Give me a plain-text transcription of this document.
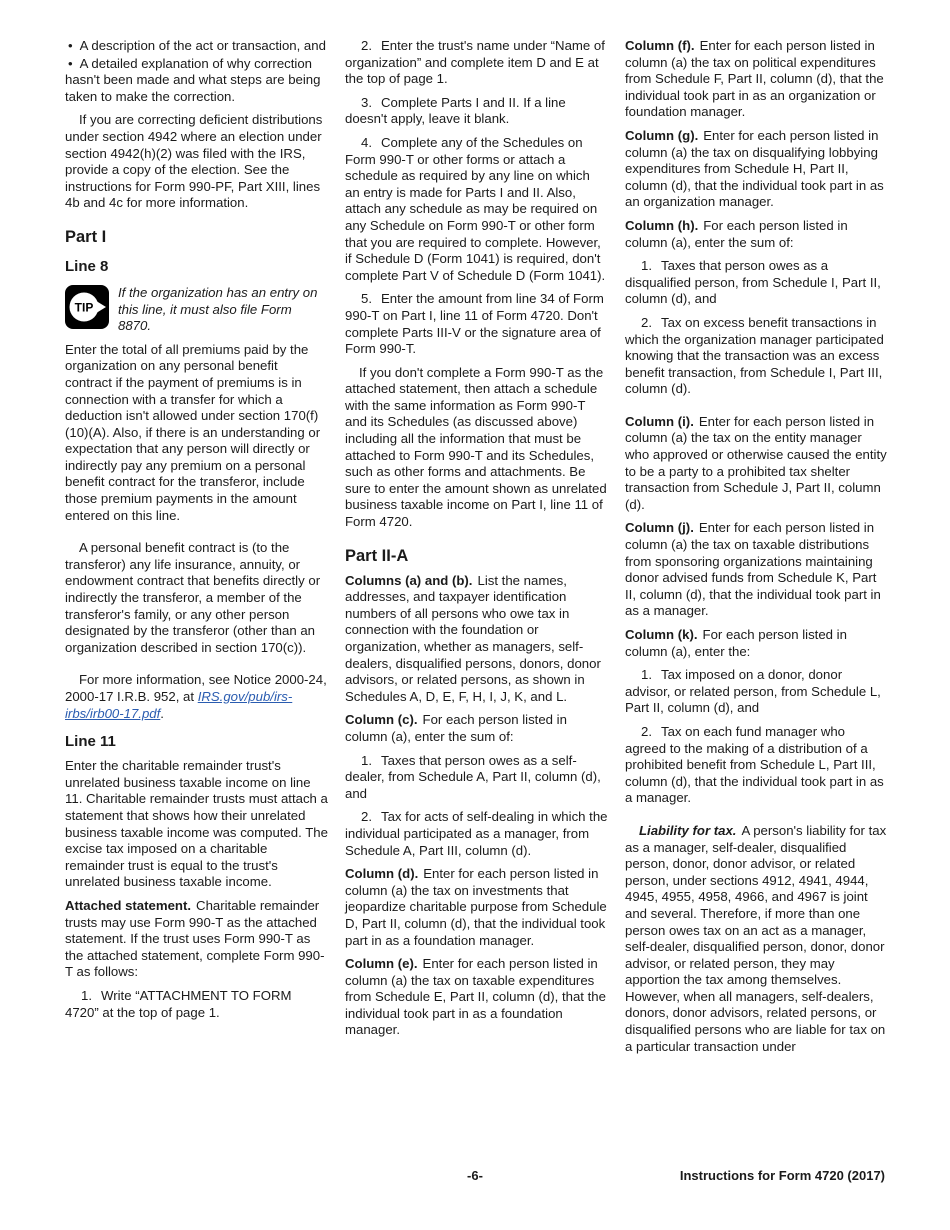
• A description of the act or transaction, and
• A detailed explanation of why correction hasn't been made and what steps are being taken to make the correction.
If you are correcting deficient distributions under section 4942 where an election under section 4942(h)(2) was filed with the IRS, provide a copy of the election. See the instructions for Form 990-PF, Part XIII, lines 4b and 4c for more information.
Part I
Line 8
TIP
If the organization has an entry on this line, it must also file Form 8870.
Enter the total of all premiums paid by the organization on any personal benefit contract if the payment of premiums is in connection with a transfer for which a deduction isn't allowed under section 170(f)(10)(A). Also, if there is an understanding or expectation that any person will directly or indirectly pay any premium on a personal benefit contract for the transferor, include those premium payments in the amount entered on this line.
A personal benefit contract is (to the transferor) any life insurance, annuity, or endowment contract that benefits directly or indirectly the transferor, a member of the transferor's family, or any other person designated by the transferor (other than an organization described in section 170(c)).
For more information, see Notice 2000-24, 2000-17 I.R.B. 952, at IRS.gov/pub/irs-irbs/irb00-17.pdf.
Line 11
Enter the charitable remainder trust's unrelated business taxable income on line 11. Charitable remainder trusts must attach a statement that shows how their unrelated business taxable income was computed. The excise tax imposed on a charitable remainder trust is equal to the trust's unrelated business taxable income.
Attached statement. Charitable remainder trusts may use Form 990-T as the attached statement. If the trust uses Form 990-T as the attached statement, complete Form 990-T as follows:
1. Write “ATTACHMENT TO FORM 4720” at the top of page 1.
2. Enter the trust's name under “Name of organization” and complete item D and E at the top of page 1.
3. Complete Parts I and II. If a line doesn't apply, leave it blank.
4. Complete any of the Schedules on Form 990-T or other forms or attach a schedule as required by any line on which an entry is made for Parts I and II. Also, attach any schedule as may be required on any Schedule on Form 990-T or other form that you are required to complete. However, if Schedule D (Form 1041) is required, don't complete Part V of Schedule D (Form 1041).
5. Enter the amount from line 34 of Form 990-T on Part I, line 11 of Form 4720. Don't complete Parts III-V or the signature area of Form 990-T.
If you don't complete a Form 990-T as the attached statement, then attach a schedule with the same information as Form 990-T and its Schedules (as discussed above) including all the information that must be attached to Form 990-T and its Schedules, such as other forms and attachments. Be sure to enter the amount shown as unrelated business taxable income on Part I, line 11 of Form 4720.
Part II-A
Columns (a) and (b). List the names, addresses, and taxpayer identification numbers of all persons who owe tax in connection with the foundation or organization, whether as managers, self-dealers, disqualified persons, donors, donor advisors, or related persons, as shown in Schedules A, D, E, F, H, I, J, K, and L.
Column (c). For each person listed in column (a), enter the sum of:
1. Taxes that person owes as a self-dealer, from Schedule A, Part II, column (d), and
2. Tax for acts of self-dealing in which the individual participated as a manager, from Schedule A, Part III, column (d).
Column (d). Enter for each person listed in column (a) the tax on investments that jeopardize charitable purpose from Schedule D, Part II, column (d), that the individual took part in as a foundation manager.
Column (e). Enter for each person listed in column (a) the tax on taxable expenditures from Schedule E, Part II, column (d), that the individual took part in as a foundation manager.
Column (f). Enter for each person listed in column (a) the tax on political expenditures from Schedule F, Part II, column (d), that the individual took part in as an organization or foundation manager.
Column (g). Enter for each person listed in column (a) the tax on disqualifying lobbying expenditures from Schedule H, Part II, column (d), that the individual took part in as an organization manager.
Column (h). For each person listed in column (a), enter the sum of:
1. Taxes that person owes as a disqualified person, from Schedule I, Part II, column (d), and
2. Tax on excess benefit transactions in which the organization manager participated knowing that the transaction was an excess benefit transaction, from Schedule I, Part III, column (d).
Column (i). Enter for each person listed in column (a) the tax on the entity manager who approved or otherwise caused the entity to be a party to a prohibited tax shelter transaction from Schedule J, Part II, column (d).
Column (j). Enter for each person listed in column (a) the tax on taxable distributions from sponsoring organizations maintaining donor advised funds from Schedule K, Part II, column (d), that the individual took part in as a manager.
Column (k). For each person listed in column (a), enter the:
1. Tax imposed on a donor, donor advisor, or related person, from Schedule L, Part II, column (d), and
2. Tax on each fund manager who agreed to the making of a distribution of a prohibited benefit from Schedule L, Part III, column (d), that the individual took part in as a manager.
Liability for tax. A person's liability for tax as a manager, self-dealer, disqualified person, donor, donor advisor, or related person, under sections 4912, 4941, 4944, 4945, 4955, 4958, 4966, and 4967 is joint and several. Therefore, if more than one person owes tax on an act as a manager, self-dealer, disqualified person, donor, donor advisor, or related person, they may apportion the tax among themselves. However, when all managers, self-dealers, donors, donor advisors, related persons, or disqualified persons who are liable for tax on a particular transaction under
-6-	Instructions for Form 4720 (2017)
